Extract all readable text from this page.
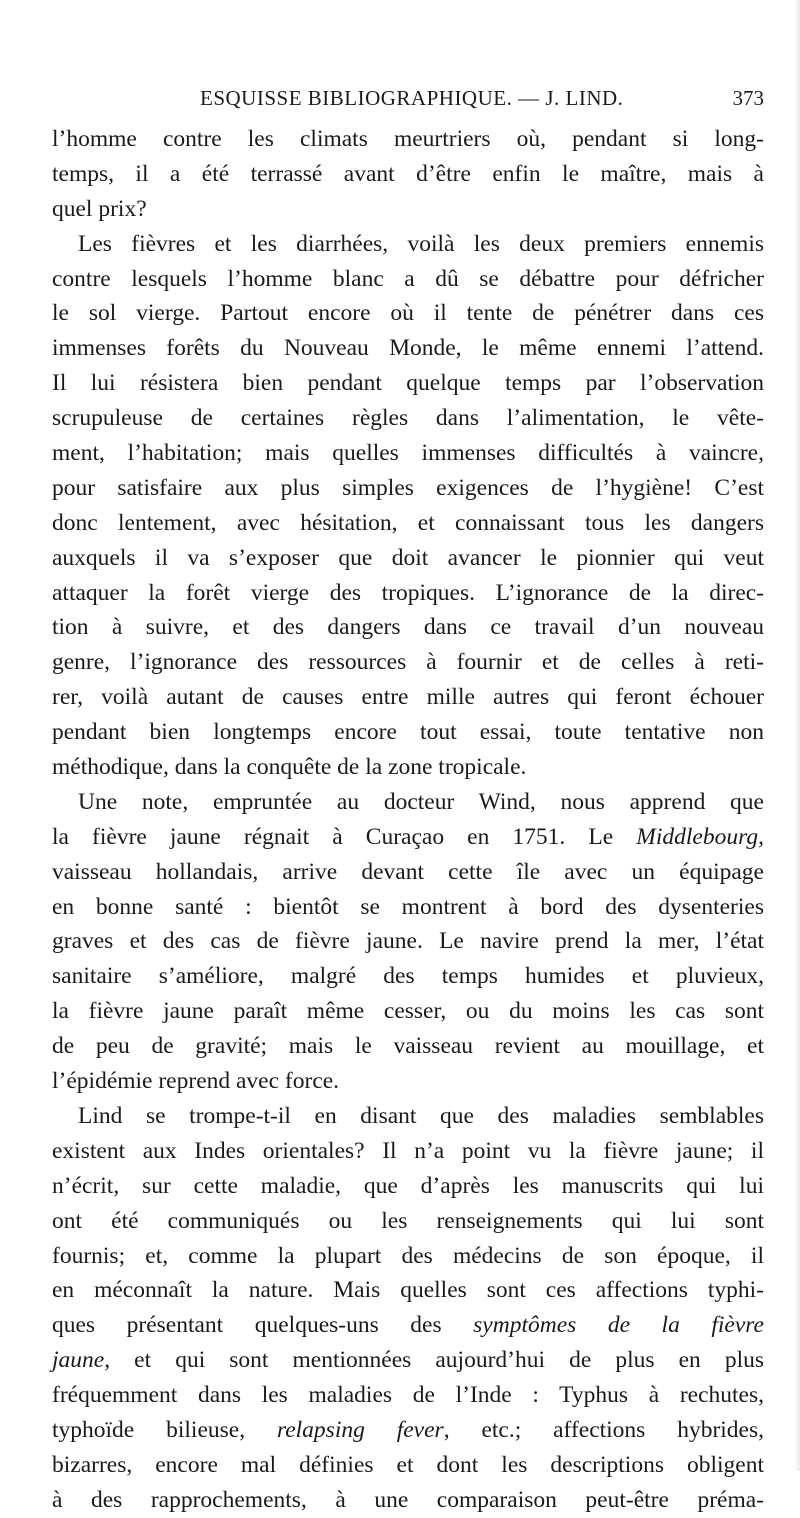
ESQUISSE BIBLIOGRAPHIQUE. — J. LIND.	373
l’homme contre les climats meurtriers où, pendant si long-
temps, il a été terrassé avant d’être enfin le maître, mais à
quel prix?
Les fièvres et les diarrhées, voilà les deux premiers ennemis
contre lesquels l’homme blanc a dû se débattre pour défricher
le sol vierge. Partout encore où il tente de pénétrer dans ces
immenses forêts du Nouveau Monde, le même ennemi l’attend.
Il lui résistera bien pendant quelque temps par l’observation
scrupuleuse de certaines règles dans l’alimentation, le vête-
ment, l’habitation; mais quelles immenses difficultés à vaincre,
pour satisfaire aux plus simples exigences de l’hygiène! C’est
donc lentement, avec hésitation, et connaissant tous les dangers
auxquels il va s’exposer que doit avancer le pionnier qui veut
attaquer la forêt vierge des tropiques. L’ignorance de la direc-
tion à suivre, et des dangers dans ce travail d’un nouveau
genre, l’ignorance des ressources à fournir et de celles à reti-
rer, voilà autant de causes entre mille autres qui feront échouer
pendant bien longtemps encore tout essai, toute tentative non
méthodique, dans la conquête de la zone tropicale.
Une note, empruntée au docteur Wind, nous apprend que
la fièvre jaune régnait à Curaçao en 1751. Le Middlebourg,
vaisseau hollandais, arrive devant cette île avec un équipage
en bonne santé : bientôt se montrent à bord des dysenteries
graves et des cas de fièvre jaune. Le navire prend la mer, l’état
sanitaire s’améliore, malgré des temps humides et pluvieux,
la fièvre jaune paraît même cesser, ou du moins les cas sont
de peu de gravité; mais le vaisseau revient au mouillage, et
l’épidémie reprend avec force.
Lind se trompe-t-il en disant que des maladies semblables
existent aux Indes orientales? Il n’a point vu la fièvre jaune; il
n’écrit, sur cette maladie, que d’après les manuscrits qui lui
ont été communiqués ou les renseignements qui lui sont
fournis; et, comme la plupart des médecins de son époque, il
en méconnaît la nature. Mais quelles sont ces affections typhi-
ques présentant quelques-uns des symptômes de la fièvre
jaune, et qui sont mentionnées aujourd’hui de plus en plus
fréquemment dans les maladies de l’Inde : Typhus à rechutes,
typhoïde bilieuse, relapsing fever, etc.; affections hybrides,
bizarres, encore mal définies et dont les descriptions obligent
à des rapprochements, à une comparaison peut-être préma-
